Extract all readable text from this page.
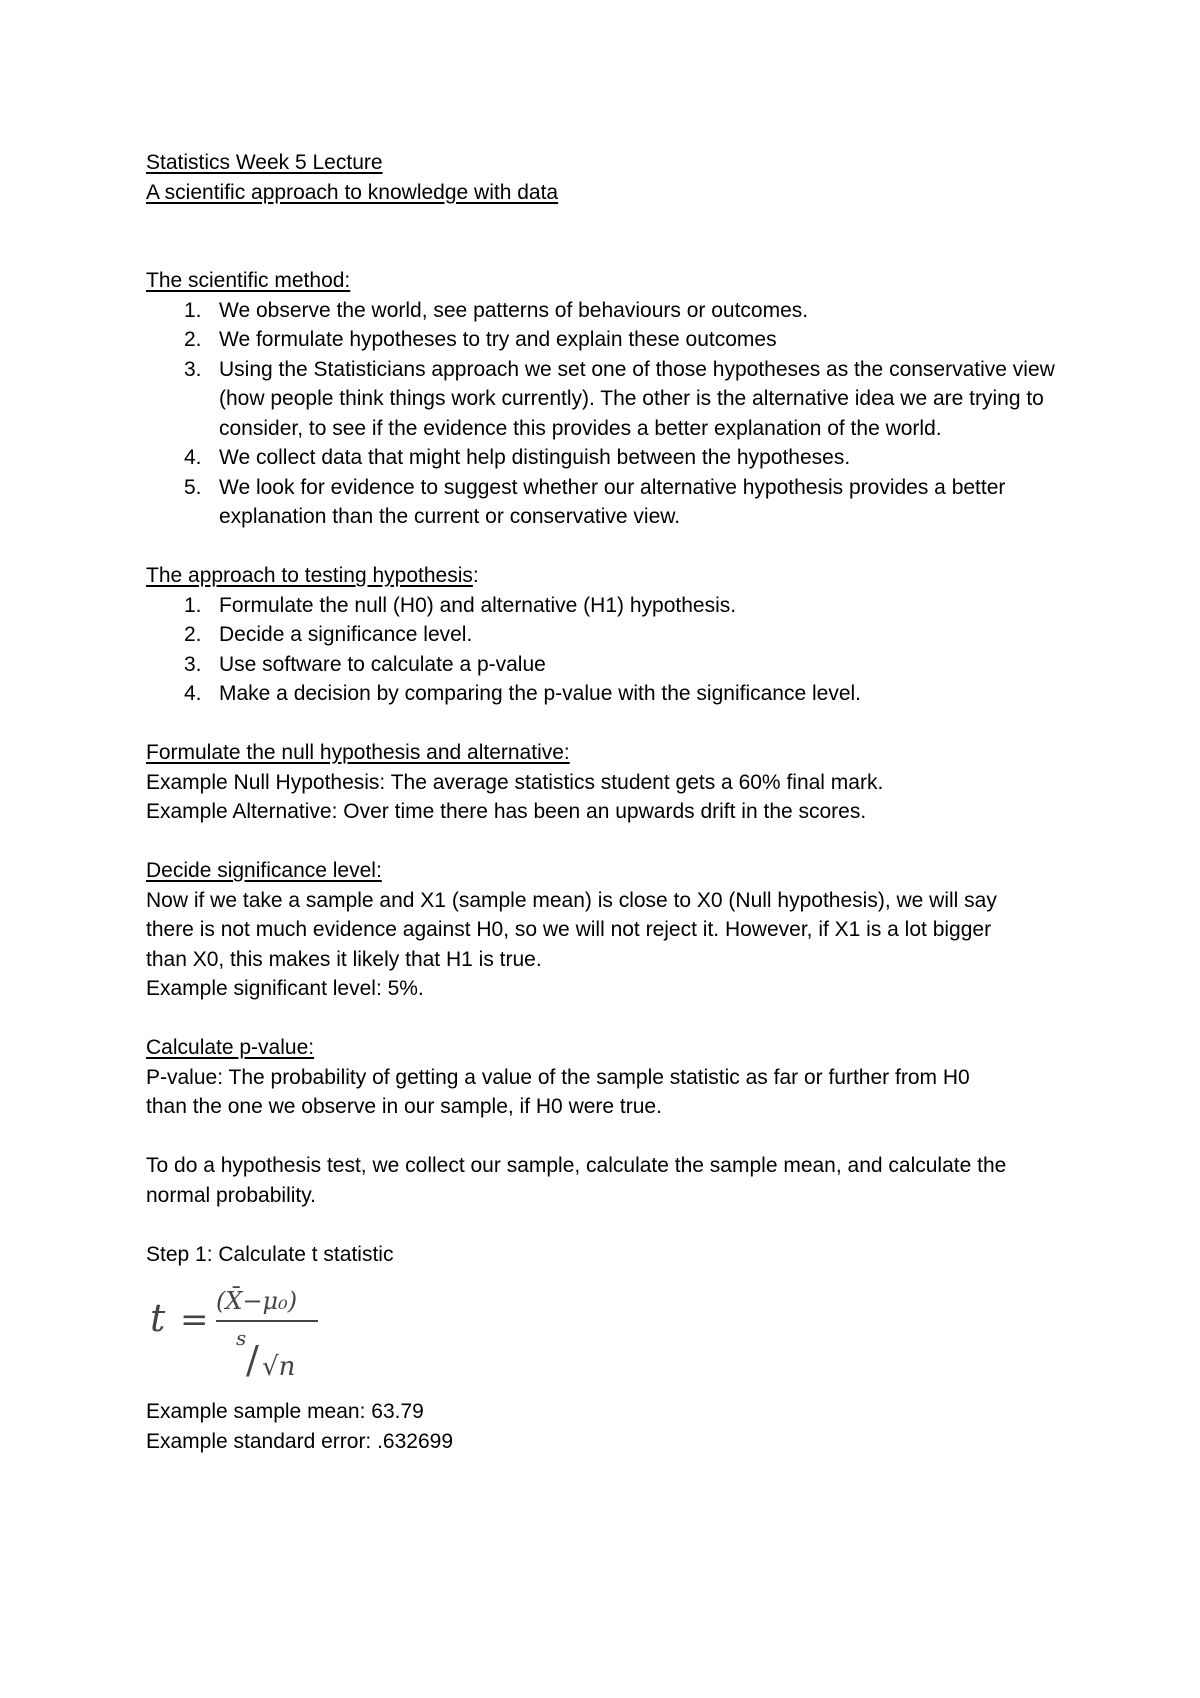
Statistics Week 5 Lecture
A scientific approach to knowledge with data
The scientific method:
1. We observe the world, see patterns of behaviours or outcomes.
2. We formulate hypotheses to try and explain these outcomes
3. Using the Statisticians approach we set one of those hypotheses as the conservative view (how people think things work currently). The other is the alternative idea we are trying to consider, to see if the evidence this provides a better explanation of the world.
4. We collect data that might help distinguish between the hypotheses.
5. We look for evidence to suggest whether our alternative hypothesis provides a better explanation than the current or conservative view.
The approach to testing hypothesis:
1. Formulate the null (H0) and alternative (H1) hypothesis.
2. Decide a significance level.
3. Use software to calculate a p-value
4. Make a decision by comparing the p-value with the significance level.
Formulate the null hypothesis and alternative:
Example Null Hypothesis: The average statistics student gets a 60% final mark.
Example Alternative: Over time there has been an upwards drift in the scores.
Decide significance level:
Now if we take a sample and X1 (sample mean) is close to X0 (Null hypothesis), we will say
there is not much evidence against H0, so we will not reject it. However, if X1 is a lot bigger
than X0, this makes it likely that H1 is true.
Example significant level: 5%.
Calculate p-value:
P-value: The probability of getting a value of the sample statistic as far or further from H0
than the one we observe in our sample, if H0 were true.
To do a hypothesis test, we collect our sample, calculate the sample mean, and calculate the
normal probability.
Step 1: Calculate t statistic
t = (X̄−μ₀)
s / √n
Example sample mean: 63.79
Example standard error: .632699
